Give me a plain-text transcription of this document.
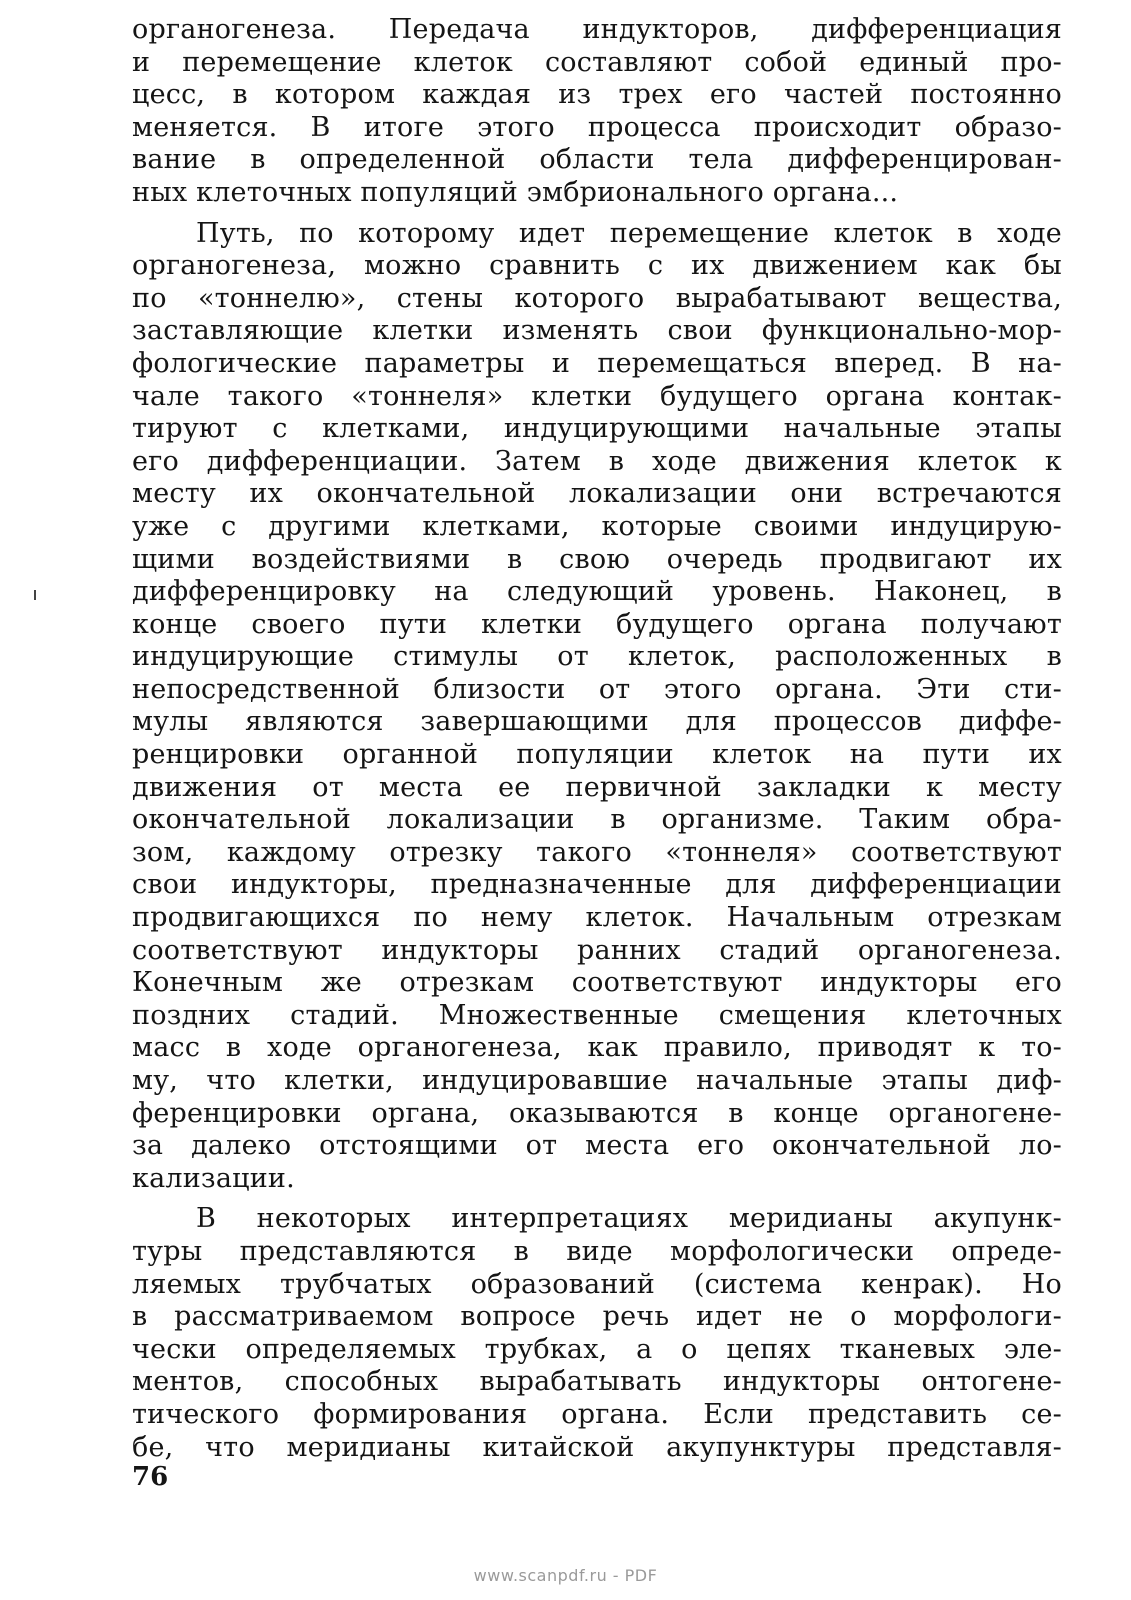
органогенеза. Передача индукторов, дифференциация
и перемещение клеток составляют собой единый про-
цесс, в котором каждая из трех его частей постоянно
меняется. В итоге этого процесса происходит образо-
вание в определенной области тела дифференцирован-
ных клеточных популяций эмбрионального органа...
Путь, по которому идет перемещение клеток в ходе
органогенеза, можно сравнить с их движением как бы
по «тоннелю», стены которого вырабатывают вещества,
заставляющие клетки изменять свои функционально-мор-
фологические параметры и перемещаться вперед. В на-
чале такого «тоннеля» клетки будущего органа контак-
тируют с клетками, индуцирующими начальные этапы
его дифференциации. Затем в ходе движения клеток к
месту их окончательной локализации они встречаются
уже с другими клетками, которые своими индуцирую-
щими воздействиями в свою очередь продвигают их
дифференцировку на следующий уровень. Наконец, в
конце своего пути клетки будущего органа получают
индуцирующие стимулы от клеток, расположенных в
непосредственной близости от этого органа. Эти сти-
мулы являются завершающими для процессов диффе-
ренцировки органной популяции клеток на пути их
движения от места ее первичной закладки к месту
окончательной локализации в организме. Таким обра-
зом, каждому отрезку такого «тоннеля» соответствуют
свои индукторы, предназначенные для дифференциации
продвигающихся по нему клеток. Начальным отрезкам
соответствуют индукторы ранних стадий органогенеза.
Конечным же отрезкам соответствуют индукторы его
поздних стадий. Множественные смещения клеточных
масс в ходе органогенеза, как правило, приводят к то-
му, что клетки, индуцировавшие начальные этапы диф-
ференцировки органа, оказываются в конце органогене-
за далеко отстоящими от места его окончательной ло-
кализации.
В некоторых интерпретациях меридианы акупунк-
туры представляются в виде морфологически опреде-
ляемых трубчатых образований (система кенрак). Но
в рассматриваемом вопросе речь идет не о морфологи-
чески определяемых трубках, а о цепях тканевых эле-
ментов, способных вырабатывать индукторы онтогене-
тического формирования органа. Если представить се-
бе, что меридианы китайской акупунктуры представля-
76
www.scanpdf.ru - PDF
